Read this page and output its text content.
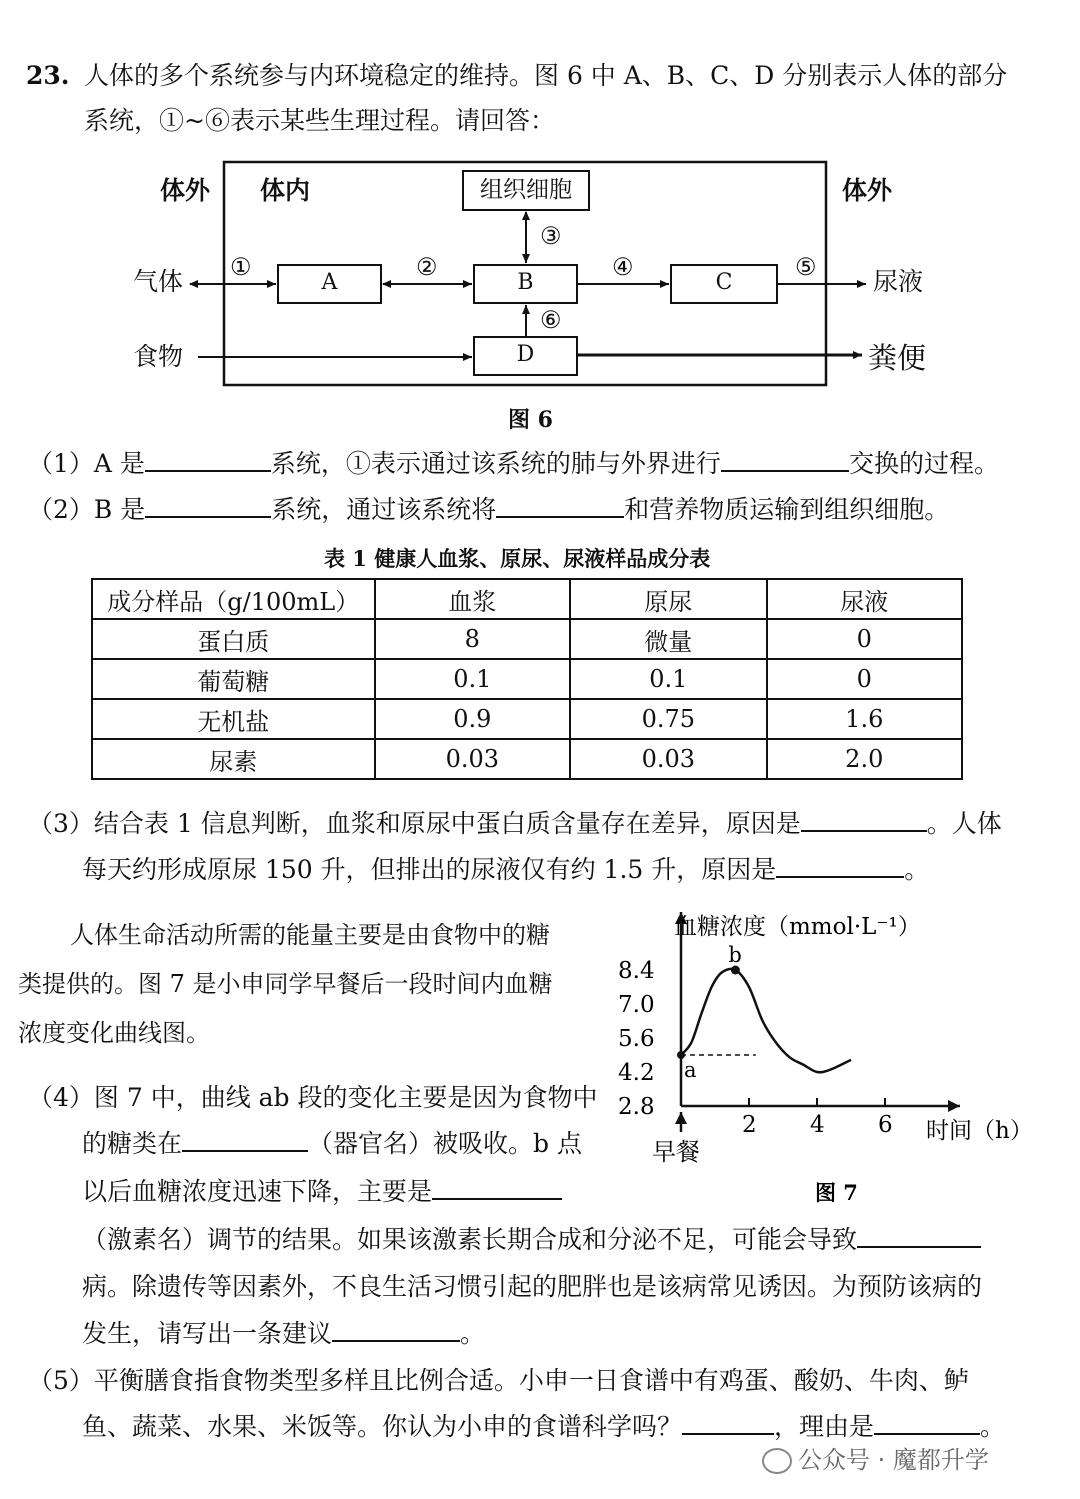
23. 人体的多个系统参与内环境稳定的维持。图 6 中 A、B、C、D 分别表示人体的部分
系统，①~⑥表示某些生理过程。请回答：
体外 体内	体外
组织细胞
A	B	C
D
气体
食物
尿液
粪便
①	②
③
④	⑤
⑥
图 6
（1）A 是	系统，①表示通过该系统的肺与外界进行	交换的过程。
（2）B 是	系统，通过该系统将	和营养物质运输到组织细胞。
表 1 健康人血浆、原尿、尿液样品成分表
成分样品（g/100mL）	血浆	原尿	尿液
蛋白质	8	微量	0
葡萄糖	0.1	0.1	0
无机盐	0.9	0.75	1.6
尿素	0.03	0.03	2.0
（3）结合表 1 信息判断，血浆和原尿中蛋白质含量存在差异，原因是	。人体
每天约形成原尿 150 升，但排出的尿液仅有约 1.5 升，原因是	。
人体生命活动所需的能量主要是由食物中的糖
类提供的。图 7 是小申同学早餐后一段时间内血糖
浓度变化曲线图。
（4）图 7 中，曲线 ab 段的变化主要是因为食物中
的糖类在	（器官名）被吸收。b 点
以后血糖浓度迅速下降，主要是
（激素名）调节的结果。如果该激素长期合成和分泌不足，可能会导致
病。除遗传等因素外，不良生活习惯引起的肥胖也是该病常见诱因。为预防该病的
发生，请写出一条建议	。
（5）平衡膳食指食物类型多样且比例合适。小申一日食谱中有鸡蛋、酸奶、牛肉、鲈
鱼、蔬菜、水果、米饭等。你认为小申的食谱科学吗？	，理由是	。
公众号 · 魔都升学
血糖浓度（mmol·L⁻¹）
时间（h）
图 7
早餐
2.8
4.2
5.6
7.0
8.4
2 4 6
a
b
